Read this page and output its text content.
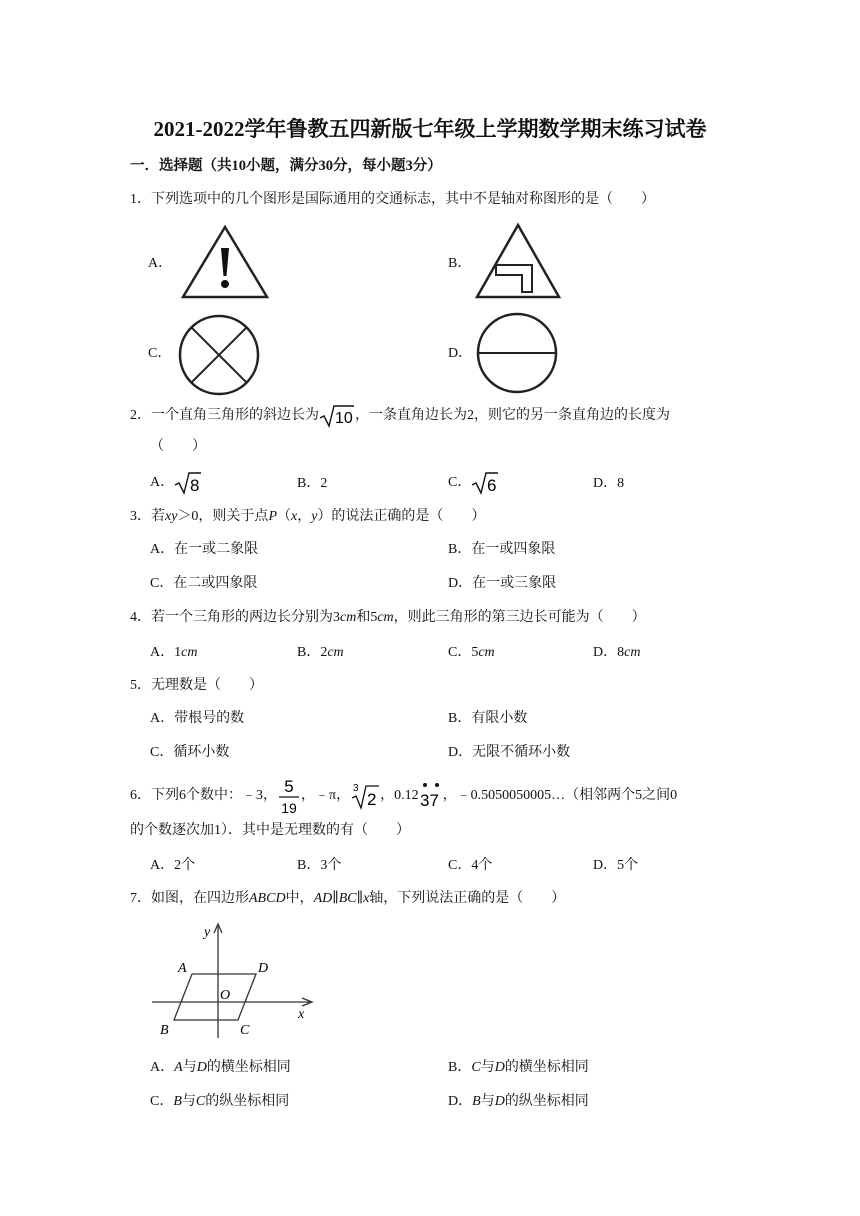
2021-2022学年鲁教五四新版七年级上学期数学期末练习试卷
一．选择题（共10小题，满分30分，每小题3分）
1．下列选项中的几个图形是国际通用的交通标志，其中不是轴对称图形的是（　　）
A．	B．
C．	D．
2．一个直角三角形的斜边长为 10 ，一条直角边长为2，则它的另一条直角边的长度为
（　　）
A． 8	B．2	C． 6	D．8
3．若xy＞0，则关于点P（x，y）的说法正确的是（　　）
A．在一或二象限	B．在一或四象限
C．在二或四象限	D．在一或三象限
4．若一个三角形的两边长分别为3cm和5cm，则此三角形的第三边长可能为（　　）
A．1cm	B．2cm	C．5cm	D．8cm
5．无理数是（　　）
A．带根号的数	B．有限小数
C．循环小数	D．无限不循环小数
6．下列6个数中：﹣3， 5
19
，﹣π， 3
2 ，0.12 37 ，﹣0.5050050005…（相邻两个5之间0
的个数逐次加1）．其中是无理数的有（　　）
A．2个	B．3个	C．4个	D．5个
7．如图，在四边形ABCD中，AD∥BC∥x轴，下列说法正确的是（　　）
y
x
A	D
B	C
O
A．A与D的横坐标相同	B．C与D的横坐标相同
C．B与C的纵坐标相同	D．B与D的纵坐标相同
